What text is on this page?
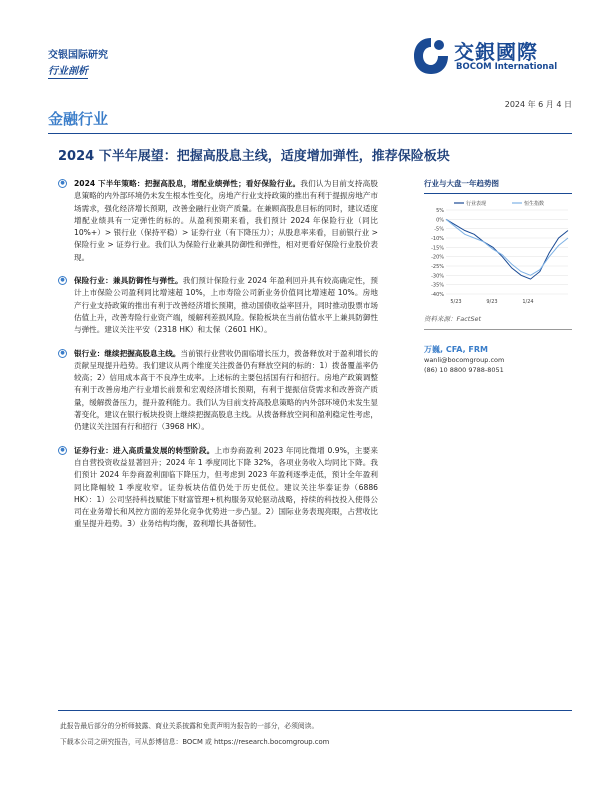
交银国际研究
行业剖析
交銀國際
BOCOM International
2024 年 6 月 4 日
金融行业
2024 下半年展望：把握高股息主线，适度增加弹性，推荐保险板块
●	2024 下半年策略：把握高股息，增配业绩弹性；看好保险行业。我们认为目前支持高股息策略的内外部环境仍未发生根本性变化，房地产行业支持政策的推出有利于提振房地产市场需求，强化经济增长预期，改善金融行业资产质量。在兼顾高股息目标的同时，建议适度增配业绩具有一定弹性的标的。从盈利预期来看，我们预计 2024 年保险行业（同比 10%+）> 银行业（保持平稳）> 证券行业（有下降压力）；从股息率来看，目前银行业 > 保险行业 > 证券行业。我们认为保险行业兼具防御性和弹性，相对更看好保险行业股价表现。
●	保险行业：兼具防御性与弹性。我们预计保险行业 2024 年盈利回升具有较高确定性，预计上市保险公司盈利同比增速超 10%，上市寿险公司新业务价值同比增速超 10%。房地产行业支持政策的推出有利于改善经济增长预期，推动国债收益率回升，同时推动股票市场估值上升，改善寿险行业资产端，缓解利差损风险。保险板块在当前估值水平上兼具防御性与弹性。建议关注平安（2318 HK）和太保（2601 HK）。
●	银行业：继续把握高股息主线。当前银行业营收仍面临增长压力，拨备释放对于盈利增长的贡献呈现提升趋势。我们建议从两个维度关注拨备仍有释放空间的标的：1）拨备覆盖率仍较高；2）信用成本高于不良净生成率。上述标的主要包括国有行和招行。房地产政策调整有利于改善房地产行业增长前景和宏观经济增长预期，有利于提振信贷需求和改善资产质量，缓解拨备压力，提升盈利能力。我们认为目前支持高股息策略的内外部环境仍未发生显著变化，建议在银行板块投资上继续把握高股息主线。从拨备释放空间和盈利稳定性考虑，仍建议关注国有行和招行（3968 HK）。
●	证券行业：进入高质量发展的转型阶段。上市券商盈利 2023 年同比微增 0.9%，主要来自自营投资收益显著回升；2024 年 1 季度同比下降 32%，各项业务收入均同比下降。我们预计 2024 年券商盈利面临下降压力，但考虑到 2023 年盈利逐季走低，预计全年盈利同比降幅较 1 季度收窄。证券板块估值仍处于历史低位。建议关注华泰证券（6886 HK）：1）公司坚持科技赋能下财富管理+机构服务双轮驱动战略，持续的科技投入使得公司在业务增长和风控方面的差异化竞争优势进一步凸显。2）国际业务表现亮眼，占营收比重呈提升趋势。3）业务结构均衡，盈利增长具备韧性。
行业与大盘一年趋势图
5%
0%
-5%
-10%
-15%
-20%
-25%
-30%
-35%
-40%
5/23	9/23	1/24
行业表现	恒生指数
资料来源：FactSet
万巍, CFA, FRM
wanli@bocomgroup.com
(86) 10 8800 9788-8051
此报告最后部分的分析师披露、商业关系披露和免责声明为报告的一部分，必须阅读。
下载本公司之研究报告，可从彭博信息：BOCM 或 https://research.bocomgroup.com
